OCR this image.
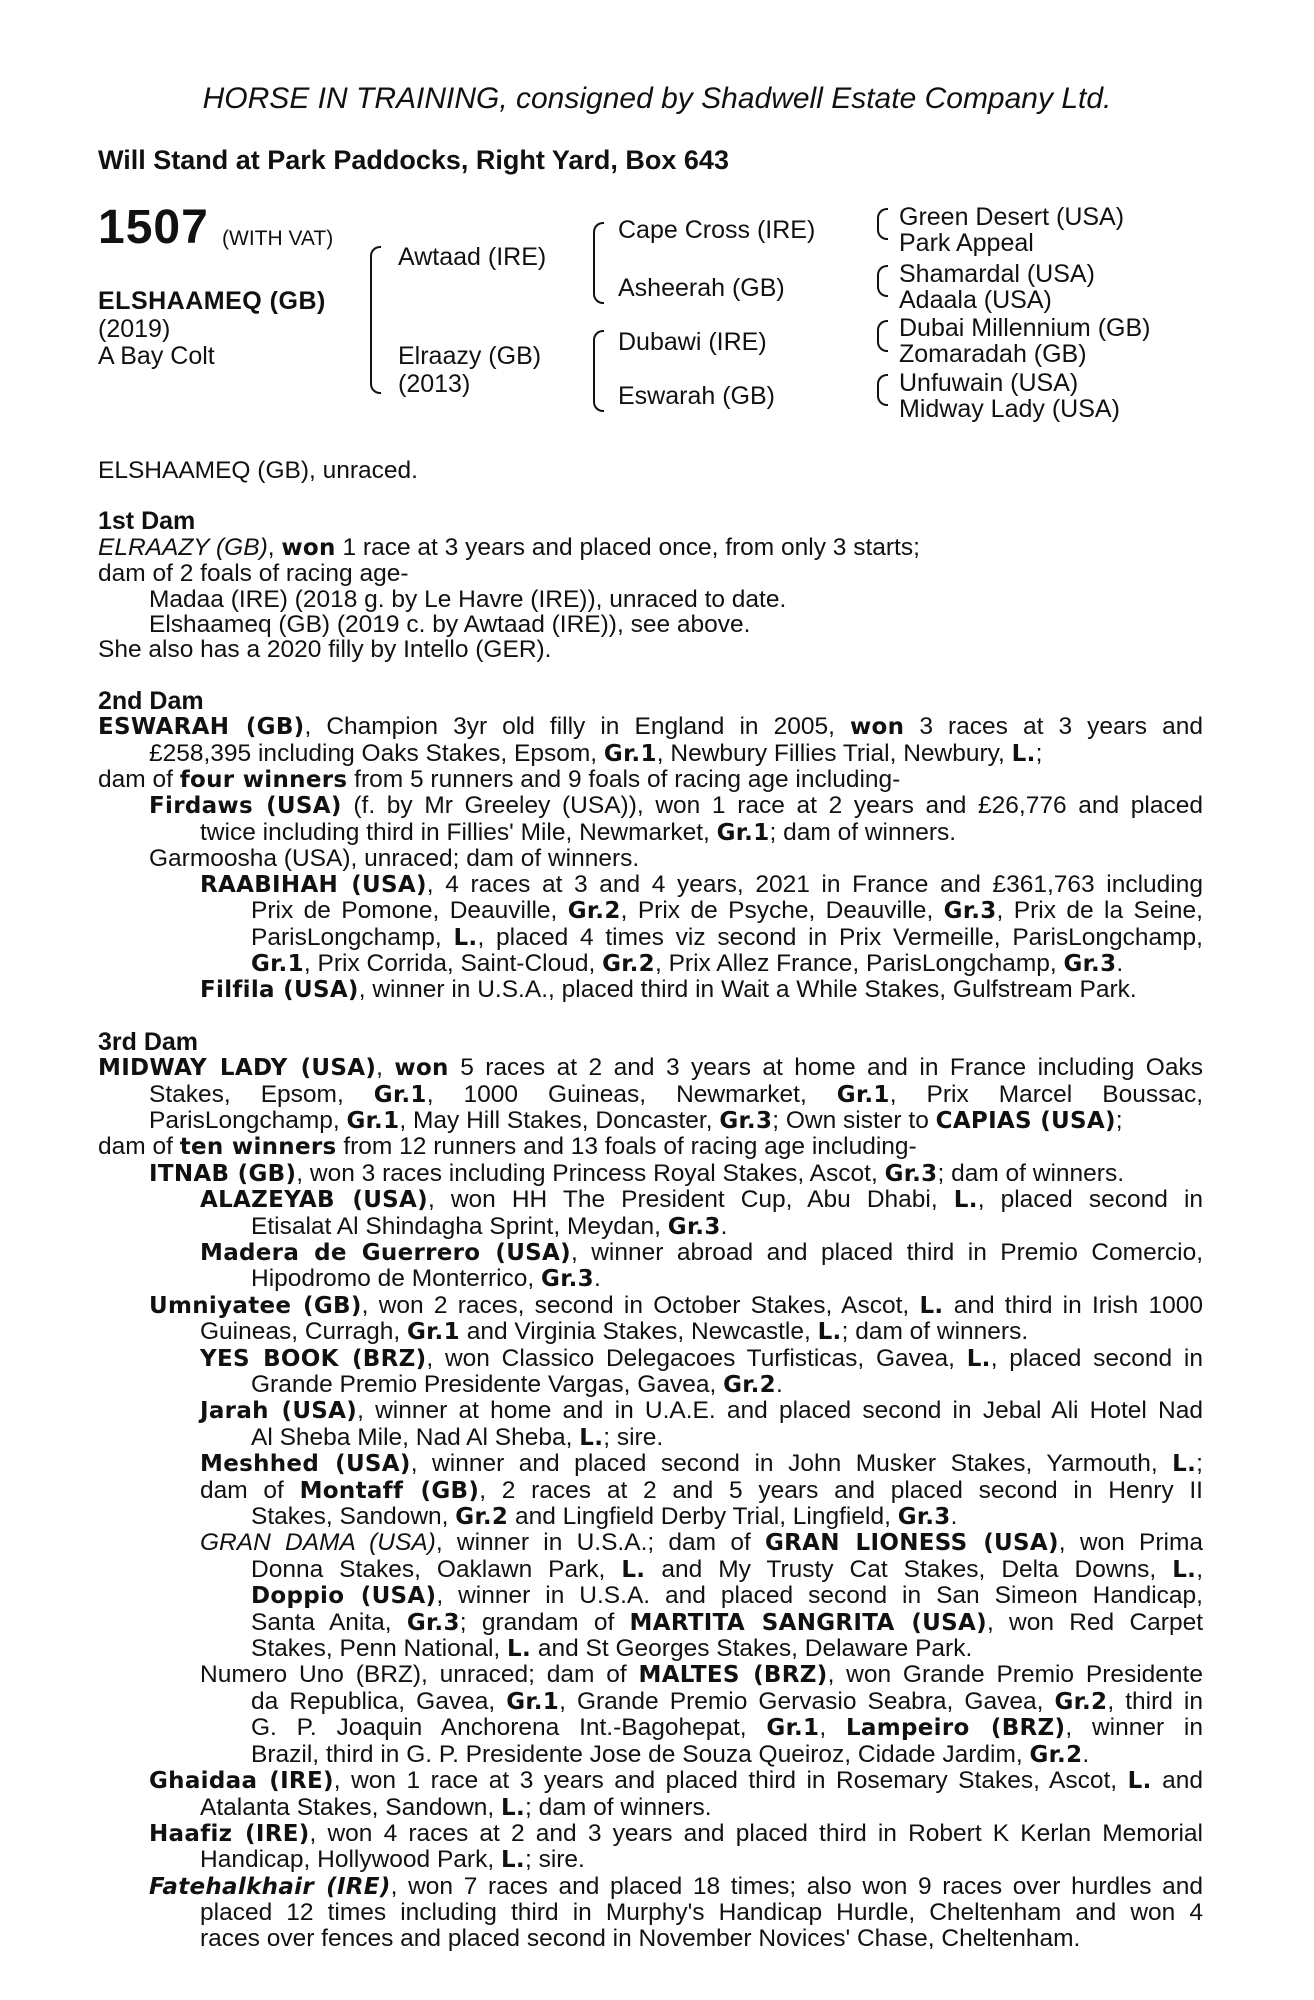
HORSE IN TRAINING, consigned by Shadwell Estate Company Ltd.
Will Stand at Park Paddocks, Right Yard, Box 643
1507 (WITH VAT)
ELSHAAMEQ (GB)
(2019)
A Bay Colt
Awtaad (IRE)
Elraazy (GB)
(2013)
Cape Cross (IRE)
Asheerah (GB)
Dubawi (IRE)
Eswarah (GB)
Green Desert (USA)
Park Appeal
Shamardal (USA)
Adaala (USA)
Dubai Millennium (GB)
Zomaradah (GB)
Unfuwain (USA)
Midway Lady (USA)
ELSHAAMEQ (GB), unraced.
1st Dam
ELRAAZY (GB), won 1 race at 3 years and placed once, from only 3 starts;
dam of 2 foals of racing age-
Madaa (IRE) (2018 g. by Le Havre (IRE)), unraced to date.
Elshaameq (GB) (2019 c. by Awtaad (IRE)), see above.
She also has a 2020 filly by Intello (GER).
2nd Dam
ESWARAH (GB), Champion 3yr old filly in England in 2005, won 3 races at 3 years and
£258,395 including Oaks Stakes, Epsom, Gr.1, Newbury Fillies Trial, Newbury, L.;
dam of four winners from 5 runners and 9 foals of racing age including-
Firdaws (USA) (f. by Mr Greeley (USA)), won 1 race at 2 years and £26,776 and placed
twice including third in Fillies' Mile, Newmarket, Gr.1; dam of winners.
Garmoosha (USA), unraced; dam of winners.
RAABIHAH (USA), 4 races at 3 and 4 years, 2021 in France and £361,763 including
Prix de Pomone, Deauville, Gr.2, Prix de Psyche, Deauville, Gr.3, Prix de la Seine,
ParisLongchamp, L., placed 4 times viz second in Prix Vermeille, ParisLongchamp,
Gr.1, Prix Corrida, Saint-Cloud, Gr.2, Prix Allez France, ParisLongchamp, Gr.3.
Filfila (USA), winner in U.S.A., placed third in Wait a While Stakes, Gulfstream Park.
3rd Dam
MIDWAY LADY (USA), won 5 races at 2 and 3 years at home and in France including Oaks
Stakes, Epsom, Gr.1, 1000 Guineas, Newmarket, Gr.1, Prix Marcel Boussac,
ParisLongchamp, Gr.1, May Hill Stakes, Doncaster, Gr.3; Own sister to CAPIAS (USA);
dam of ten winners from 12 runners and 13 foals of racing age including-
ITNAB (GB), won 3 races including Princess Royal Stakes, Ascot, Gr.3; dam of winners.
ALAZEYAB (USA), won HH The President Cup, Abu Dhabi, L., placed second in
Etisalat Al Shindagha Sprint, Meydan, Gr.3.
Madera de Guerrero (USA), winner abroad and placed third in Premio Comercio,
Hipodromo de Monterrico, Gr.3.
Umniyatee (GB), won 2 races, second in October Stakes, Ascot, L. and third in Irish 1000
Guineas, Curragh, Gr.1 and Virginia Stakes, Newcastle, L.; dam of winners.
YES BOOK (BRZ), won Classico Delegacoes Turfisticas, Gavea, L., placed second in
Grande Premio Presidente Vargas, Gavea, Gr.2.
Jarah (USA), winner at home and in U.A.E. and placed second in Jebal Ali Hotel Nad
Al Sheba Mile, Nad Al Sheba, L.; sire.
Meshhed (USA), winner and placed second in John Musker Stakes, Yarmouth, L.;
dam of Montaff (GB), 2 races at 2 and 5 years and placed second in Henry II
Stakes, Sandown, Gr.2 and Lingfield Derby Trial, Lingfield, Gr.3.
GRAN DAMA (USA), winner in U.S.A.; dam of GRAN LIONESS (USA), won Prima
Donna Stakes, Oaklawn Park, L. and My Trusty Cat Stakes, Delta Downs, L.,
Doppio (USA), winner in U.S.A. and placed second in San Simeon Handicap,
Santa Anita, Gr.3; grandam of MARTITA SANGRITA (USA), won Red Carpet
Stakes, Penn National, L. and St Georges Stakes, Delaware Park.
Numero Uno (BRZ), unraced; dam of MALTES (BRZ), won Grande Premio Presidente
da Republica, Gavea, Gr.1, Grande Premio Gervasio Seabra, Gavea, Gr.2, third in
G. P. Joaquin Anchorena Int.-Bagohepat, Gr.1, Lampeiro (BRZ), winner in
Brazil, third in G. P. Presidente Jose de Souza Queiroz, Cidade Jardim, Gr.2.
Ghaidaa (IRE), won 1 race at 3 years and placed third in Rosemary Stakes, Ascot, L. and
Atalanta Stakes, Sandown, L.; dam of winners.
Haafiz (IRE), won 4 races at 2 and 3 years and placed third in Robert K Kerlan Memorial
Handicap, Hollywood Park, L.; sire.
Fatehalkhair (IRE), won 7 races and placed 18 times; also won 9 races over hurdles and
placed 12 times including third in Murphy's Handicap Hurdle, Cheltenham and won 4
races over fences and placed second in November Novices' Chase, Cheltenham.
